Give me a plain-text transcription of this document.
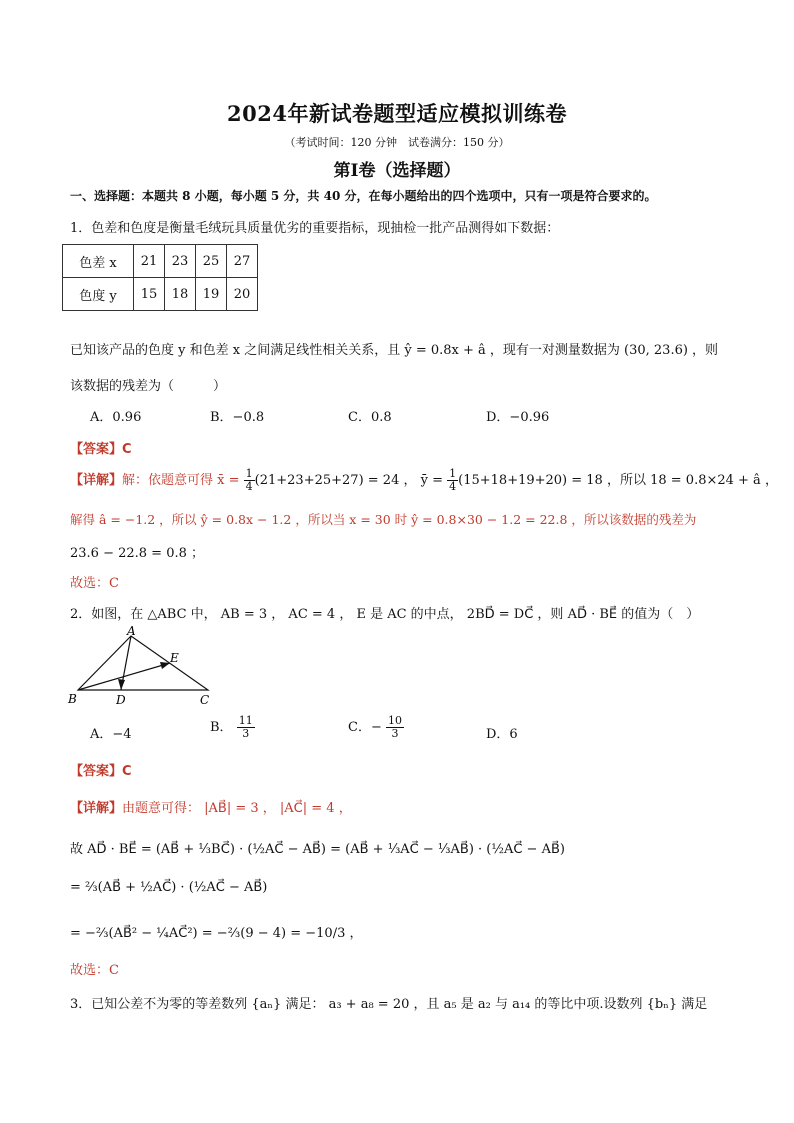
2024年新试卷题型适应模拟训练卷
（考试时间：120 分钟　试卷满分：150 分）
第Ⅰ卷（选择题）
一、选择题：本题共 8 小题，每小题 5 分，共 40 分，在每小题给出的四个选项中，只有一项是符合要求的。
1．色差和色度是衡量毛绒玩具质量优劣的重要指标，现抽检一批产品测得如下数据：
色差 x	21	23	25	27
色度 y	15	18	19	20
已知该产品的色度 y 和色差 x 之间满足线性相关关系，且 ŷ = 0.8x + â ，现有一对测量数据为 (30, 23.6) ，则
该数据的残差为（　　　）
A．0.96	B．−0.8	C．0.8	D．−0.96
【答案】C
【详解】解：依题意可得 x̄ = $\frac{1}{4} (21+23+25+27) = 24$ ， ȳ = $\frac{1}{4} (15+18+19+20) = 18$ ，所以 18 = 0.8×24 + â ，
解得 â = −1.2 ，所以 ŷ = 0.8x − 1.2 ，所以当 x = 30 时 ŷ = 0.8×30 − 1.2 = 22.8 ，所以该数据的残差为
23.6 − 22.8 = 0.8 ；
故选：C
2．如图，在 △ABC 中， AB = 3 ， AC = 4 ， E 是 AC 的中点， 2BD⃗ = DC⃗ ，则 AD⃗ · BE⃗ 的值为（　）
A
B	D	C
E
A．−4	B． $\frac{11}{3}$	C．− $\frac{10}{3}$	D．6
【答案】C
【详解】由题意可得： |AB⃗| = 3 ， |AC⃗| = 4 ，
故 AD⃗ · BE⃗ = (AB⃗ + ⅓BC⃗) · (½AC⃗ − AB⃗) = (AB⃗ + ⅓AC⃗ − ⅓AB⃗) · (½AC⃗ − AB⃗)
= ⅔(AB⃗ + ½AC⃗) · (½AC⃗ − AB⃗)
= −⅔(AB⃗² − ¼AC⃗²) = −⅔(9 − 4) = −10/3 ，
故选：C
3．已知公差不为零的等差数列 {aₙ} 满足： a₃ + a₈ = 20 ，且 a₅ 是 a₂ 与 a₁₄ 的等比中项.设数列 {bₙ} 满足
